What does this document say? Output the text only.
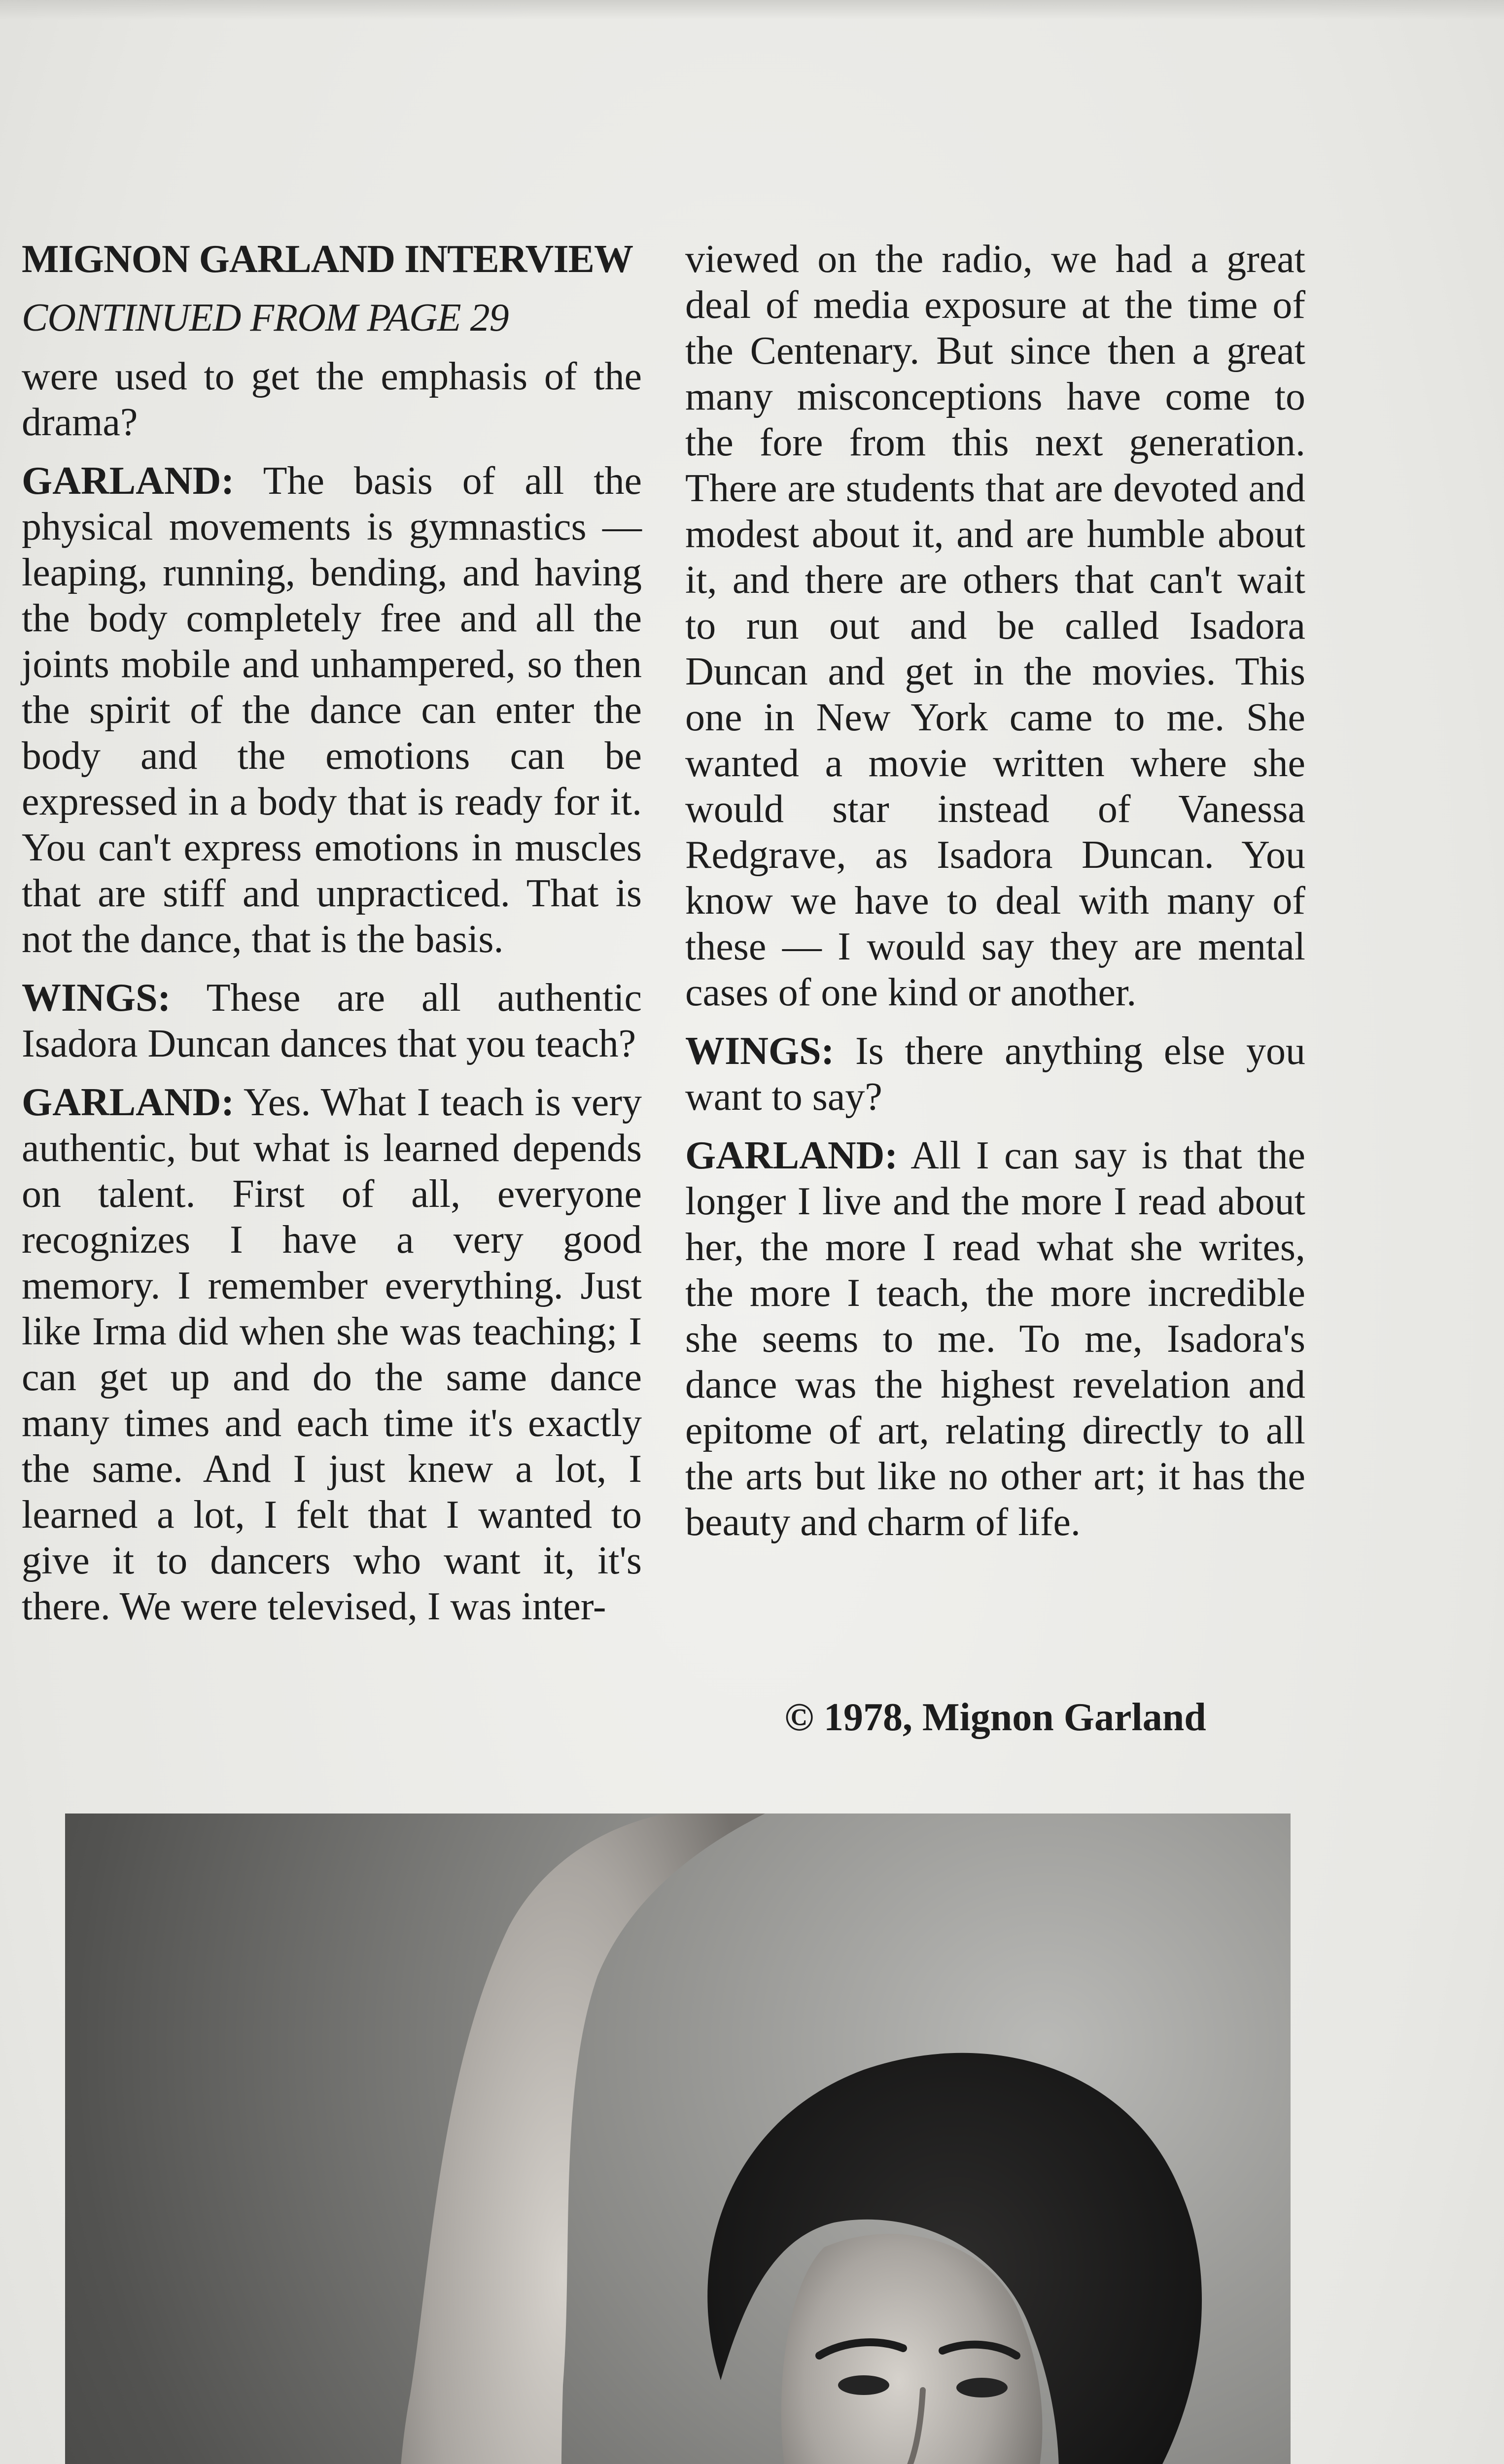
MIGNON GARLAND INTERVIEW

CONTINUED FROM PAGE 29

were used to get the emphasis of the drama?

GARLAND: The basis of all the physical movements is gymnastics — leaping, running, bending, and having the body completely free and all the joints mobile and unhampered, so then the spirit of the dance can enter the body and the emotions can be expressed in a body that is ready for it. You can't express emotions in muscles that are stiff and unpracticed. That is not the dance, that is the basis.

WINGS: These are all authentic Isadora Duncan dances that you teach?

GARLAND: Yes. What I teach is very authentic, but what is learned depends on talent. First of all, everyone recognizes I have a very good memory. I remember everything. Just like Irma did when she was teaching; I can get up and do the same dance many times and each time it's exactly the same. And I just knew a lot, I learned a lot, I felt that I wanted to give it to dancers who want it, it's there. We were televised, I was inter-

viewed on the radio, we had a great deal of media exposure at the time of the Centenary. But since then a great many misconceptions have come to the fore from this next generation. There are students that are devoted and modest about it, and are humble about it, and there are others that can't wait to run out and be called Isadora Duncan and get in the movies. This one in New York came to me. She wanted a movie written where she would star instead of Vanessa Redgrave, as Isadora Duncan. You know we have to deal with many of these — I would say they are mental cases of one kind or another.

WINGS: Is there anything else you want to say?

GARLAND: All I can say is that the longer I live and the more I read about her, the more I read what she writes, the more I teach, the more incredible she seems to me. To me, Isadora's dance was the highest revelation and epitome of art, relating directly to all the arts but like no other art; it has the beauty and charm of life.

© 1978, Mignon Garland
